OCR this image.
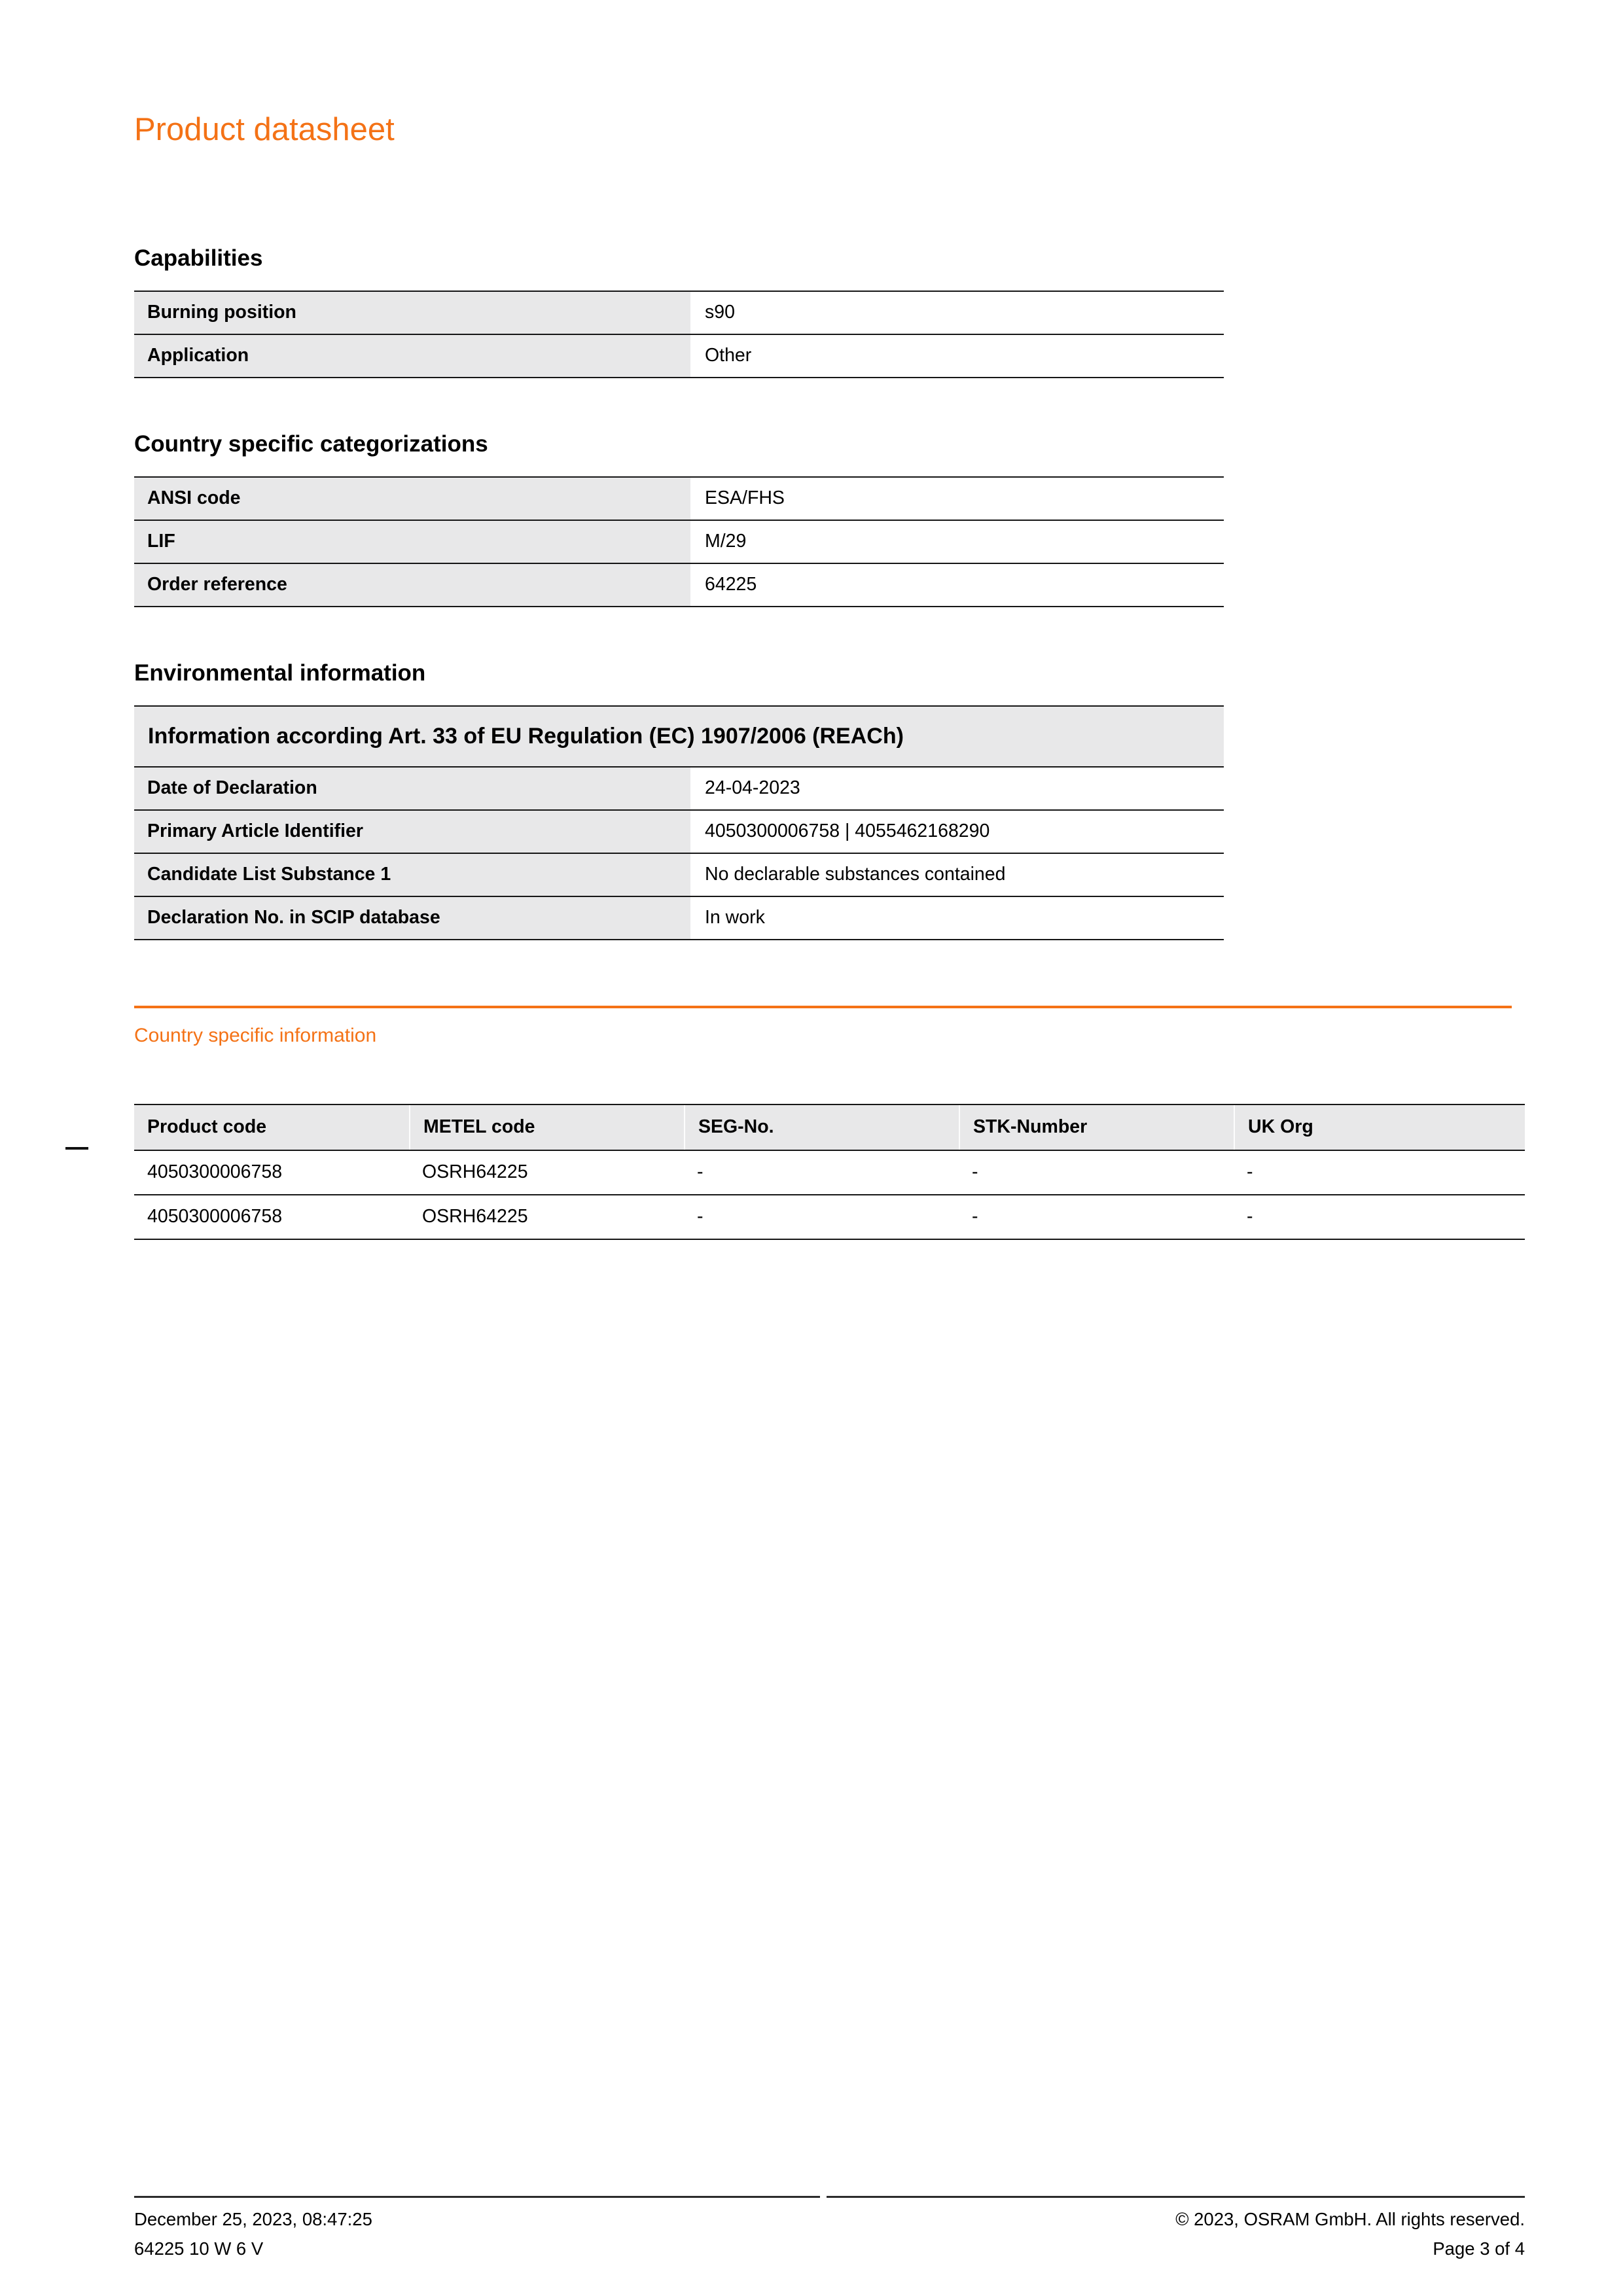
Product datasheet
Capabilities
Burning position	s90
Application	Other
Country specific categorizations
ANSI code	ESA/FHS
LIF	M/29
Order reference	64225
Environmental information
Information according Art. 33 of EU Regulation (EC) 1907/2006 (REACh)
Date of Declaration	24-04-2023
Primary Article Identifier	4050300006758 | 4055462168290
Candidate List Substance 1	No declarable substances contained
Declaration No. in SCIP database	In work
Country specific information
Product code	METEL code	SEG-No.	STK-Number	UK Org
4050300006758	OSRH64225	-	-	-
4050300006758	OSRH64225	-	-	-
December 25, 2023, 08:47:25	© 2023, OSRAM GmbH. All rights reserved.
64225 10 W 6 V	Page 3 of 4
